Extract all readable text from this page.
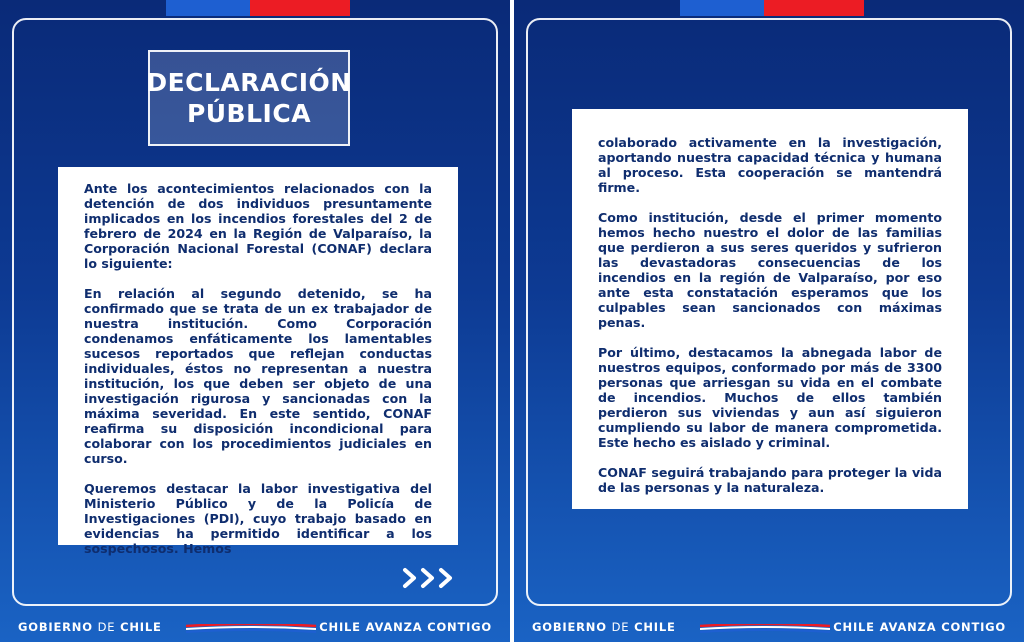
DECLARACIÓN
PÚBLICA

Ante los acontecimientos relacionados con la detención de dos individuos presuntamente implicados en los incendios forestales del 2 de febrero de 2024 en la Región de Valparaíso, la Corporación Nacional Forestal (CONAF) declara lo siguiente:

En relación al segundo detenido, se ha confirmado que se trata de un ex trabajador de nuestra institución. Como Corporación condenamos enfáticamente los lamentables sucesos reportados que reflejan conductas individuales, éstos no representan a nuestra institución, los que deben ser objeto de una investigación rigurosa y sancionadas con la máxima severidad. En este sentido, CONAF reafirma su disposición incondicional para colaborar con los procedimientos judiciales en curso.

Queremos destacar la labor investigativa del Ministerio Público y de la Policía de Investigaciones (PDI), cuyo trabajo basado en evidencias ha permitido identificar a los sospechosos. Hemos

GOBIERNO DE CHILE	CHILE AVANZA CONTIGO

colaborado activamente en la investigación, aportando nuestra capacidad técnica y humana al proceso. Esta cooperación se mantendrá firme.

Como institución, desde el primer momento hemos hecho nuestro el dolor de las familias que perdieron a sus seres queridos y sufrieron las devastadoras consecuencias de los incendios en la región de Valparaíso, por eso ante esta constatación esperamos que los culpables sean sancionados con máximas penas.

Por último, destacamos la abnegada labor de nuestros equipos, conformado por más de 3300 personas que arriesgan su vida en el combate de incendios. Muchos de ellos también perdieron sus viviendas y aun así siguieron cumpliendo su labor de manera comprometida. Este hecho es aislado y criminal.

CONAF seguirá trabajando para proteger la vida de las personas y la naturaleza.

GOBIERNO DE CHILE	CHILE AVANZA CONTIGO
